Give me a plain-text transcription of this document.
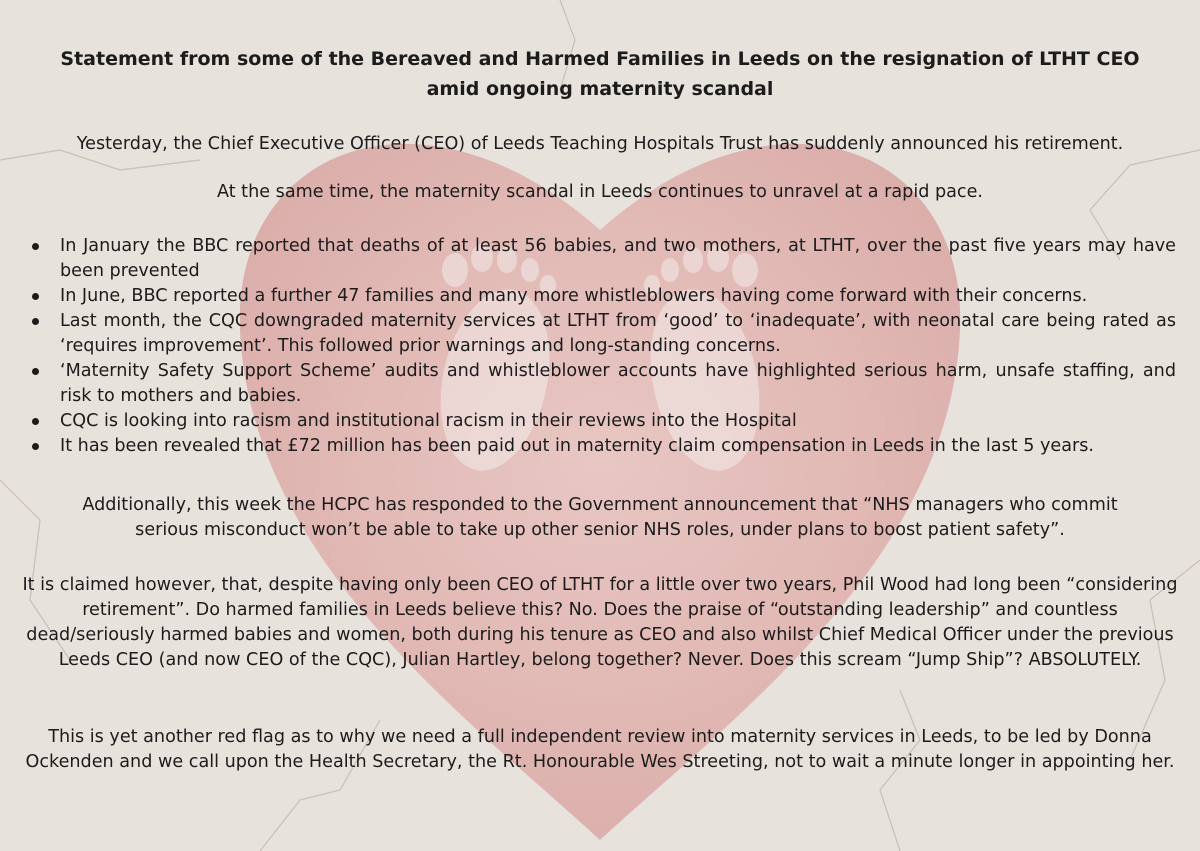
Statement from some of the Bereaved and Harmed Families in Leeds on the resignation of LTHT CEO amid ongoing maternity scandal

Yesterday, the Chief Executive Officer (CEO) of Leeds Teaching Hospitals Trust has suddenly announced his retirement.

At the same time, the maternity scandal in Leeds continues to unravel at a rapid pace.

In January the BBC reported that deaths of at least 56 babies, and two mothers, at LTHT, over the past five years may have been prevented
In June, BBC reported a further 47 families and many more whistleblowers having come forward with their concerns.
Last month, the CQC downgraded maternity services at LTHT from ‘good’ to ‘inadequate’, with neonatal care being rated as ‘requires improvement’. This followed prior warnings and long-standing concerns.
‘Maternity Safety Support Scheme’ audits and whistleblower accounts have highlighted serious harm, unsafe staffing, and risk to mothers and babies.
CQC is looking into racism and institutional racism in their reviews into the Hospital
It has been revealed that £72 million has been paid out in maternity claim compensation in Leeds in the last 5 years.

Additionally, this week the HCPC has responded to the Government announcement that “NHS managers who commit serious misconduct won’t be able to take up other senior NHS roles, under plans to boost patient safety”.

It is claimed however, that, despite having only been CEO of LTHT for a little over two years, Phil Wood had long been “considering retirement”. Do harmed families in Leeds believe this? No. Does the praise of “outstanding leadership” and countless dead/seriously harmed babies and women, both during his tenure as CEO and also whilst Chief Medical Officer under the previous Leeds CEO (and now CEO of the CQC), Julian Hartley, belong together? Never. Does this scream “Jump Ship”? ABSOLUTELY.

This is yet another red flag as to why we need a full independent review into maternity services in Leeds, to be led by Donna Ockenden and we call upon the Health Secretary, the Rt. Honourable Wes Streeting, not to wait a minute longer in appointing her.
